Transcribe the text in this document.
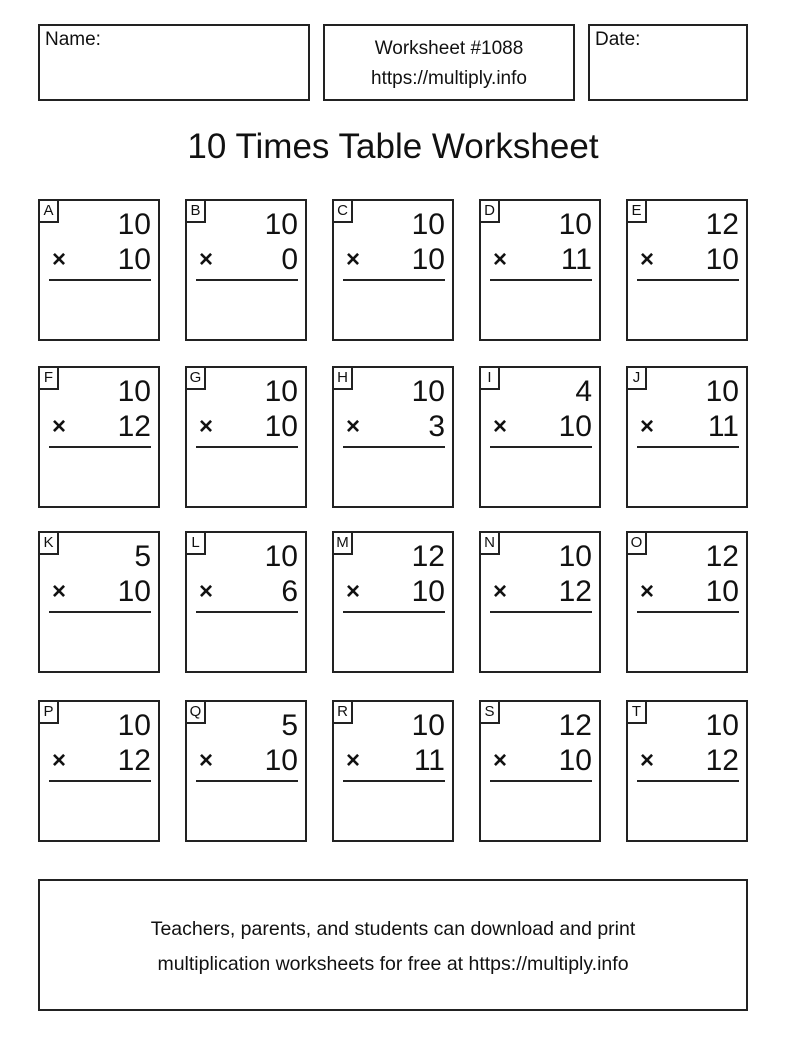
Name:	Worksheet #1088
https://multiply.info
Date:
10 Times Table Worksheet
A 10
× 10
B 10
× 0
C 10
× 10
D 10
× 11
E 12
× 10
F 10
× 12
G 10
× 10
H 10
× 3
I	4
× 10
J 10
× 11
K	5
× 10
L 10
× 6
M 12
× 10
N 10
× 12
O 12
× 10
P 10
× 12
Q	5
× 10
R 10
× 11
S 12
× 10
T 10
× 12
Teachers, parents, and students can download and print
multiplication worksheets for free at https://multiply.info
